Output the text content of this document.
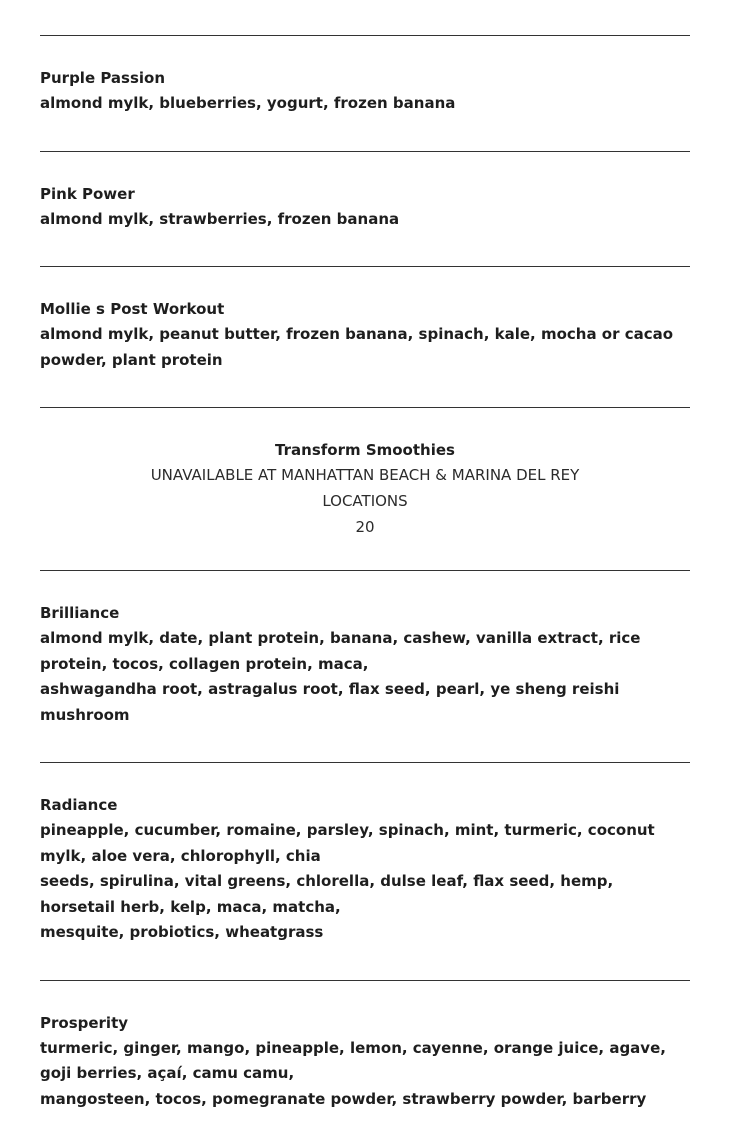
Purple Passion
almond mylk, blueberries, yogurt, frozen banana
Pink Power
almond mylk, strawberries, frozen banana
Mollie s Post Workout
almond mylk, peanut butter, frozen banana, spinach, kale, mocha or cacao powder, plant protein
Transform Smoothies
UNAVAILABLE AT MANHATTAN BEACH & MARINA DEL REY LOCATIONS
20
Brilliance
almond mylk, date, plant protein, banana, cashew, vanilla extract, rice protein, tocos, collagen protein, maca,
ashwagandha root, astragalus root, flax seed, pearl, ye sheng reishi mushroom
Radiance
pineapple, cucumber, romaine, parsley, spinach, mint, turmeric, coconut mylk, aloe vera, chlorophyll, chia
seeds, spirulina, vital greens, chlorella, dulse leaf, flax seed, hemp, horsetail herb, kelp, maca, matcha,
mesquite, probiotics, wheatgrass
Prosperity
turmeric, ginger, mango, pineapple, lemon, cayenne, orange juice, agave, goji berries, açaí, camu camu,
mangosteen, tocos, pomegranate powder, strawberry powder, barberry
